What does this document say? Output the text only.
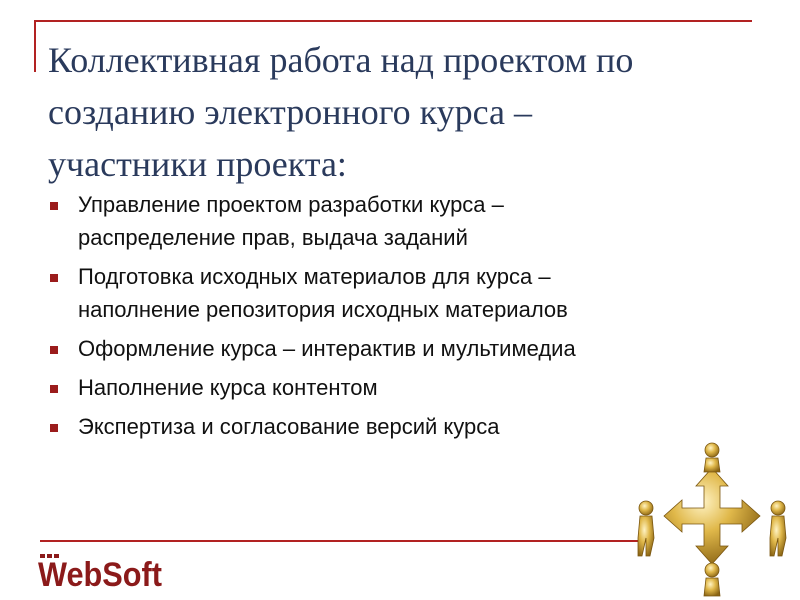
Коллективная работа над проектом по
созданию электронного курса –
участники проекта:
Управление проектом разработки курса –
распределение прав, выдача заданий
Подготовка исходных материалов для курса –
наполнение репозитория исходных материалов
Оформление курса – интерактив и мультимедиа
Наполнение курса контентом
Экспертиза и согласование версий курса
WebSoft
